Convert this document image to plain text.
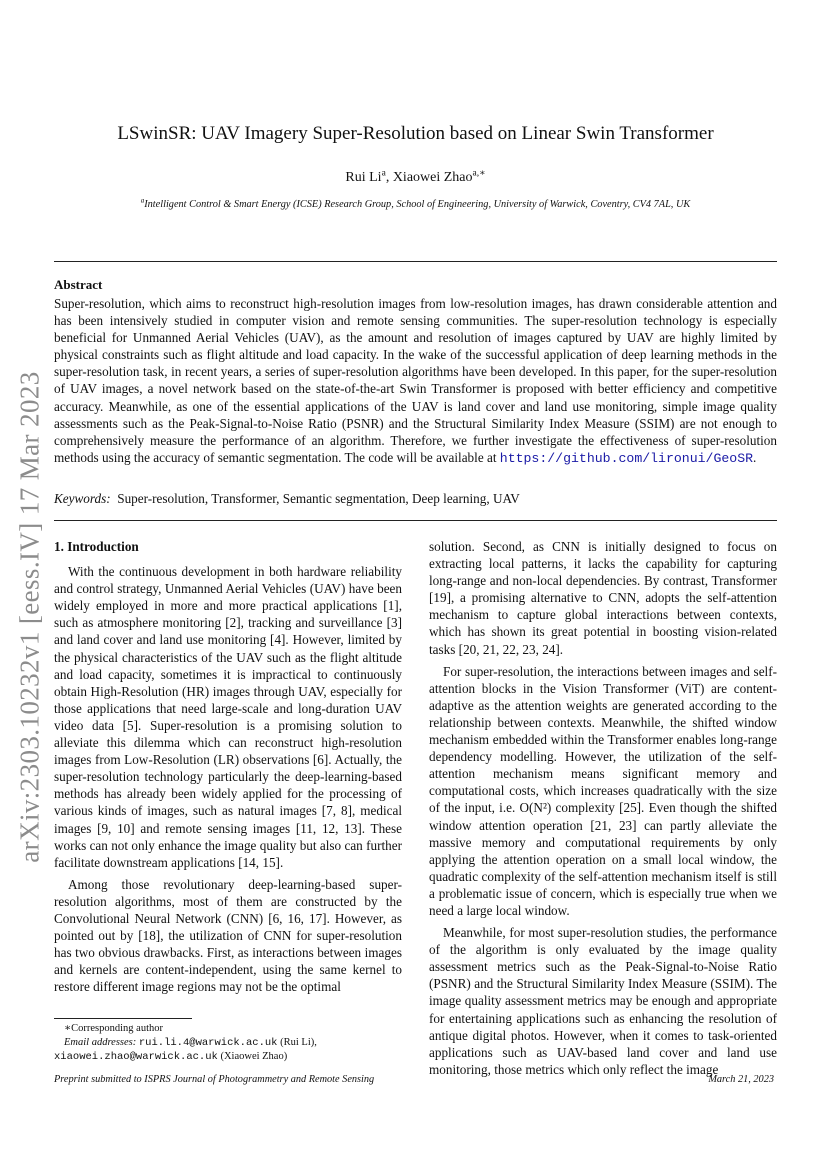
arXiv:2303.10232v1 [eess.IV] 17 Mar 2023
LSwinSR: UAV Imagery Super-Resolution based on Linear Swin Transformer
Rui Li$^a$, Xiaowei Zhao$^{a,∗}$
$^a$Intelligent Control & Smart Energy (ICSE) Research Group, School of Engineering, University of Warwick, Coventry, CV4 7AL, UK
Abstract

Super-resolution, which aims to reconstruct high-resolution images from low-resolution images, has drawn considerable attention and has been intensively studied in computer vision and remote sensing communities. The super-resolution technology is especially beneficial for Unmanned Aerial Vehicles (UAV), as the amount and resolution of images captured by UAV are highly limited by physical constraints such as flight altitude and load capacity. In the wake of the successful application of deep learning methods in the super-resolution task, in recent years, a series of super-resolution algorithms have been developed. In this paper, for the super-resolution of UAV images, a novel network based on the state-of-the-art Swin Transformer is proposed with better efficiency and competitive accuracy. Meanwhile, as one of the essential applications of the UAV is land cover and land use monitoring, simple image quality assessments such as the Peak-Signal-to-Noise Ratio (PSNR) and the Structural Similarity Index Measure (SSIM) are not enough to comprehensively measure the performance of an algorithm. Therefore, we further investigate the effectiveness of super-resolution methods using the accuracy of semantic segmentation. The code will be available at https://github.com/lironui/GeoSR.

Keywords: Super-resolution, Transformer, Semantic segmentation, Deep learning, UAV
1. Introduction

With the continuous development in both hardware reliability and control strategy, Unmanned Aerial Vehicles (UAV) have been widely employed in more and more practical applications [1], such as atmosphere monitoring [2], tracking and surveillance [3] and land cover and land use monitoring [4]. However, limited by the physical characteristics of the UAV such as the flight altitude and load capacity, sometimes it is impractical to continuously obtain High-Resolution (HR) images through UAV, especially for those applications that need large-scale and long-duration UAV video data [5]. Super-resolution is a promising solution to alleviate this dilemma which can reconstruct high-resolution images from Low-Resolution (LR) observations [6]. Actually, the super-resolution technology particularly the deep-learning-based methods has already been widely applied for the processing of various kinds of images, such as natural images [7, 8], medical images [9, 10] and remote sensing images [11, 12, 13]. These works can not only enhance the image quality but also can further facilitate downstream applications [14, 15].

Among those revolutionary deep-learning-based super-resolution algorithms, most of them are constructed by the Convolutional Neural Network (CNN) [6, 16, 17]. However, as pointed out by [18], the utilization of CNN for super-resolution has two obvious drawbacks. First, as interactions between images and kernels are content-independent, using the same kernel to restore different image regions may not be the optimal

solution. Second, as CNN is initially designed to focus on extracting local patterns, it lacks the capability for capturing long-range and non-local dependencies. By contrast, Transformer [19], a promising alternative to CNN, adopts the self-attention mechanism to capture global interactions between contexts, which has shown its great potential in boosting vision-related tasks [20, 21, 22, 23, 24].

For super-resolution, the interactions between images and self-attention blocks in the Vision Transformer (ViT) are content-adaptive as the attention weights are generated according to the relationship between contexts. Meanwhile, the shifted window mechanism embedded within the Transformer enables long-range dependency modelling. However, the utilization of the self-attention mechanism means significant memory and computational costs, which increases quadratically with the size of the input, i.e. O(N²) complexity [25]. Even though the shifted window attention operation [21, 23] can partly alleviate the massive memory and computational requirements by only applying the attention operation on a small local window, the quadratic complexity of the self-attention mechanism itself is still a problematic issue of concern, which is especially true when we need a large local window.

Meanwhile, for most super-resolution studies, the performance of the algorithm is only evaluated by the image quality assessment metrics such as the Peak-Signal-to-Noise Ratio (PSNR) and the Structural Similarity Index Measure (SSIM). The image quality assessment metrics may be enough and appropriate for entertaining applications such as enhancing the resolution of antique digital photos. However, when it comes to task-oriented applications such as UAV-based land cover and land use monitoring, those metrics which only reflect the image

∗Corresponding author
Email addresses: rui.li.4@warwick.ac.uk (Rui Li),
xiaowei.zhao@warwick.ac.uk (Xiaowei Zhao)
Preprint submitted to ISPRS Journal of Photogrammetry and Remote Sensing	March 21, 2023
